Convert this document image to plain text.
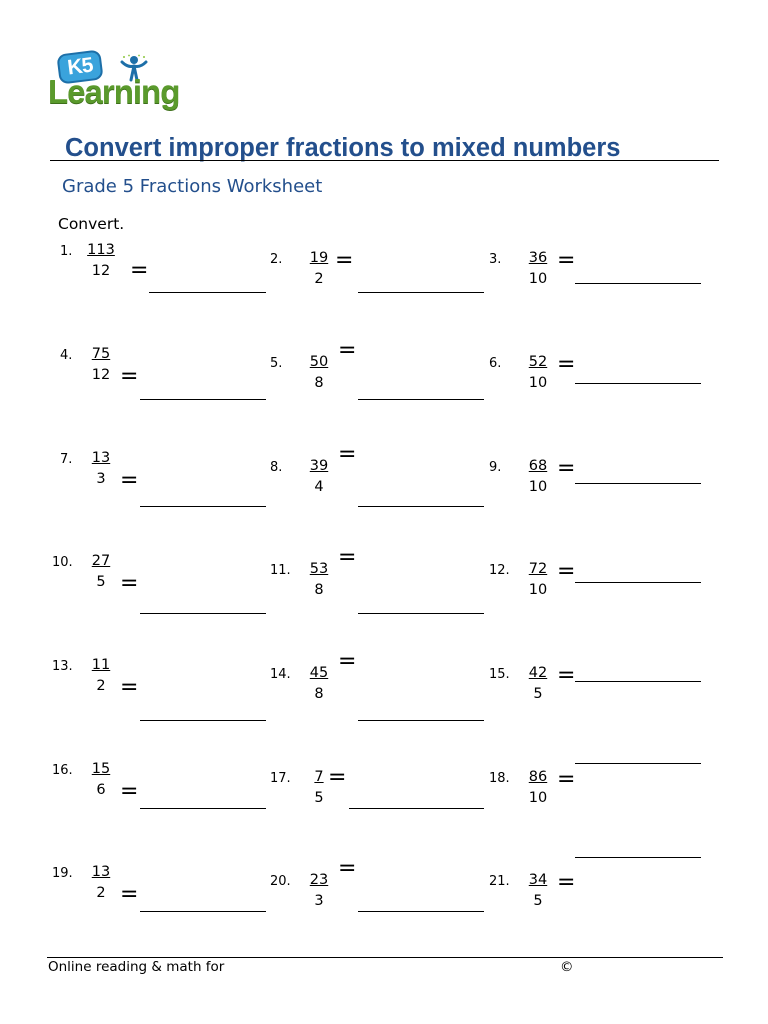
K5
Learning
Convert improper fractions to mixed numbers
Grade 5 Fractions Worksheet
Convert.
1. 113
12 =	2.	19
2
=	3.	36
10
=
4.	75
12 =
5.	50
8
=
6.	52
10
=
7.	13
3 =
8.	39
4
=
9.	68
10
=
10.	27
5 =
11.	53
8
=
12.	72
10
=
13.	11
2 =
14.	45
8
=
15.	42
5
=
16.	15
6 =
17.	7
5
=	18.	86
10
=
19.	13
2 =
20.	23
3
=
21.	34
5
=
Online reading & math for	©
